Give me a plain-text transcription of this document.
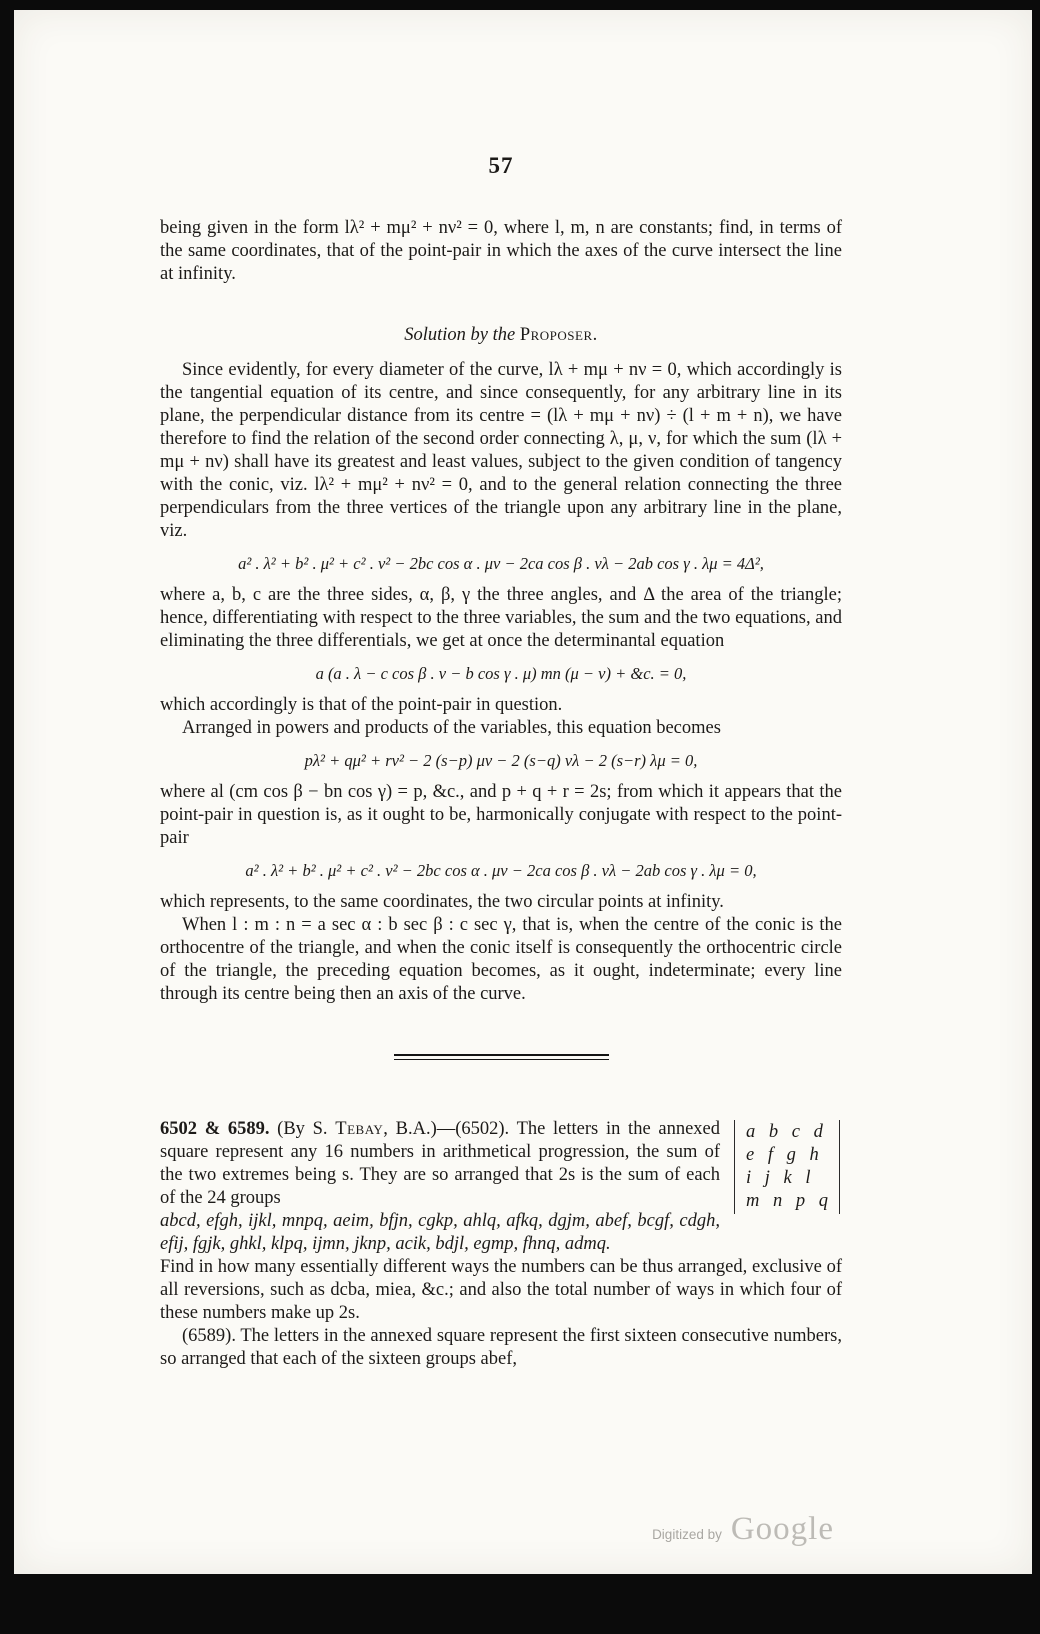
57
being given in the form lλ² + mμ² + nν² = 0, where l, m, n are constants; find, in terms of the same coordinates, that of the point-pair in which the axes of the curve intersect the line at infinity.
Solution by the Proposer.
Since evidently, for every diameter of the curve, lλ + mμ + nν = 0, which accordingly is the tangential equation of its centre, and since consequently, for any arbitrary line in its plane, the perpendicular distance from its centre = (lλ + mμ + nν) ÷ (l + m + n), we have therefore to find the relation of the second order connecting λ, μ, ν, for which the sum (lλ + mμ + nν) shall have its greatest and least values, subject to the given condition of tangency with the conic, viz. lλ² + mμ² + nν² = 0, and to the general relation connecting the three perpendiculars from the three vertices of the triangle upon any arbitrary line in the plane, viz.
a² . λ² + b² . μ² + c² . ν² − 2bc cos α . μν − 2ca cos β . νλ − 2ab cos γ . λμ = 4Δ²,
where a, b, c are the three sides, α, β, γ the three angles, and Δ the area of the triangle; hence, differentiating with respect to the three variables, the sum and the two equations, and eliminating the three differentials, we get at once the determinantal equation
a (a . λ − c cos β . ν − b cos γ . μ) mn (μ − ν) + &c. = 0,
which accordingly is that of the point-pair in question.
Arranged in powers and products of the variables, this equation becomes
pλ² + qμ² + rν² − 2 (s−p) μν − 2 (s−q) νλ − 2 (s−r) λμ = 0,
where al (cm cos β − bn cos γ) = p, &c., and p + q + r = 2s; from which it appears that the point-pair in question is, as it ought to be, harmonically conjugate with respect to the point-pair
a² . λ² + b² . μ² + c² . ν² − 2bc cos α . μν − 2ca cos β . νλ − 2ab cos γ . λμ = 0,
which represents, to the same coordinates, the two circular points at infinity.
When l : m : n = a sec α : b sec β : c sec γ, that is, when the centre of the conic is the orthocentre of the triangle, and when the conic itself is consequently the orthocentric circle of the triangle, the preceding equation becomes, as it ought, indeterminate; every line through its centre being then an axis of the curve.
a b c d
e f g h
i j k l
m n p q
6502 & 6589. (By S. Tebay, B.A.)—(6502). The letters in the annexed square represent any 16 numbers in arithmetical progression, the sum of the two extremes being s. They are so arranged that 2s is the sum of each of the 24 groups
abcd, efgh, ijkl, mnpq, aeim, bfjn, cgkp, ahlq, afkq, dgjm, abef, bcgf, cdgh, efij, fgjk, ghkl, klpq, ijmn, jknp, acik, bdjl, egmp, fhnq, admq.
Find in how many essentially different ways the numbers can be thus arranged, exclusive of all reversions, such as dcba, miea, &c.; and also the total number of ways in which four of these numbers make up 2s.
(6589). The letters in the annexed square represent the first sixteen consecutive numbers, so arranged that each of the sixteen groups abef,
Digitized by Google
